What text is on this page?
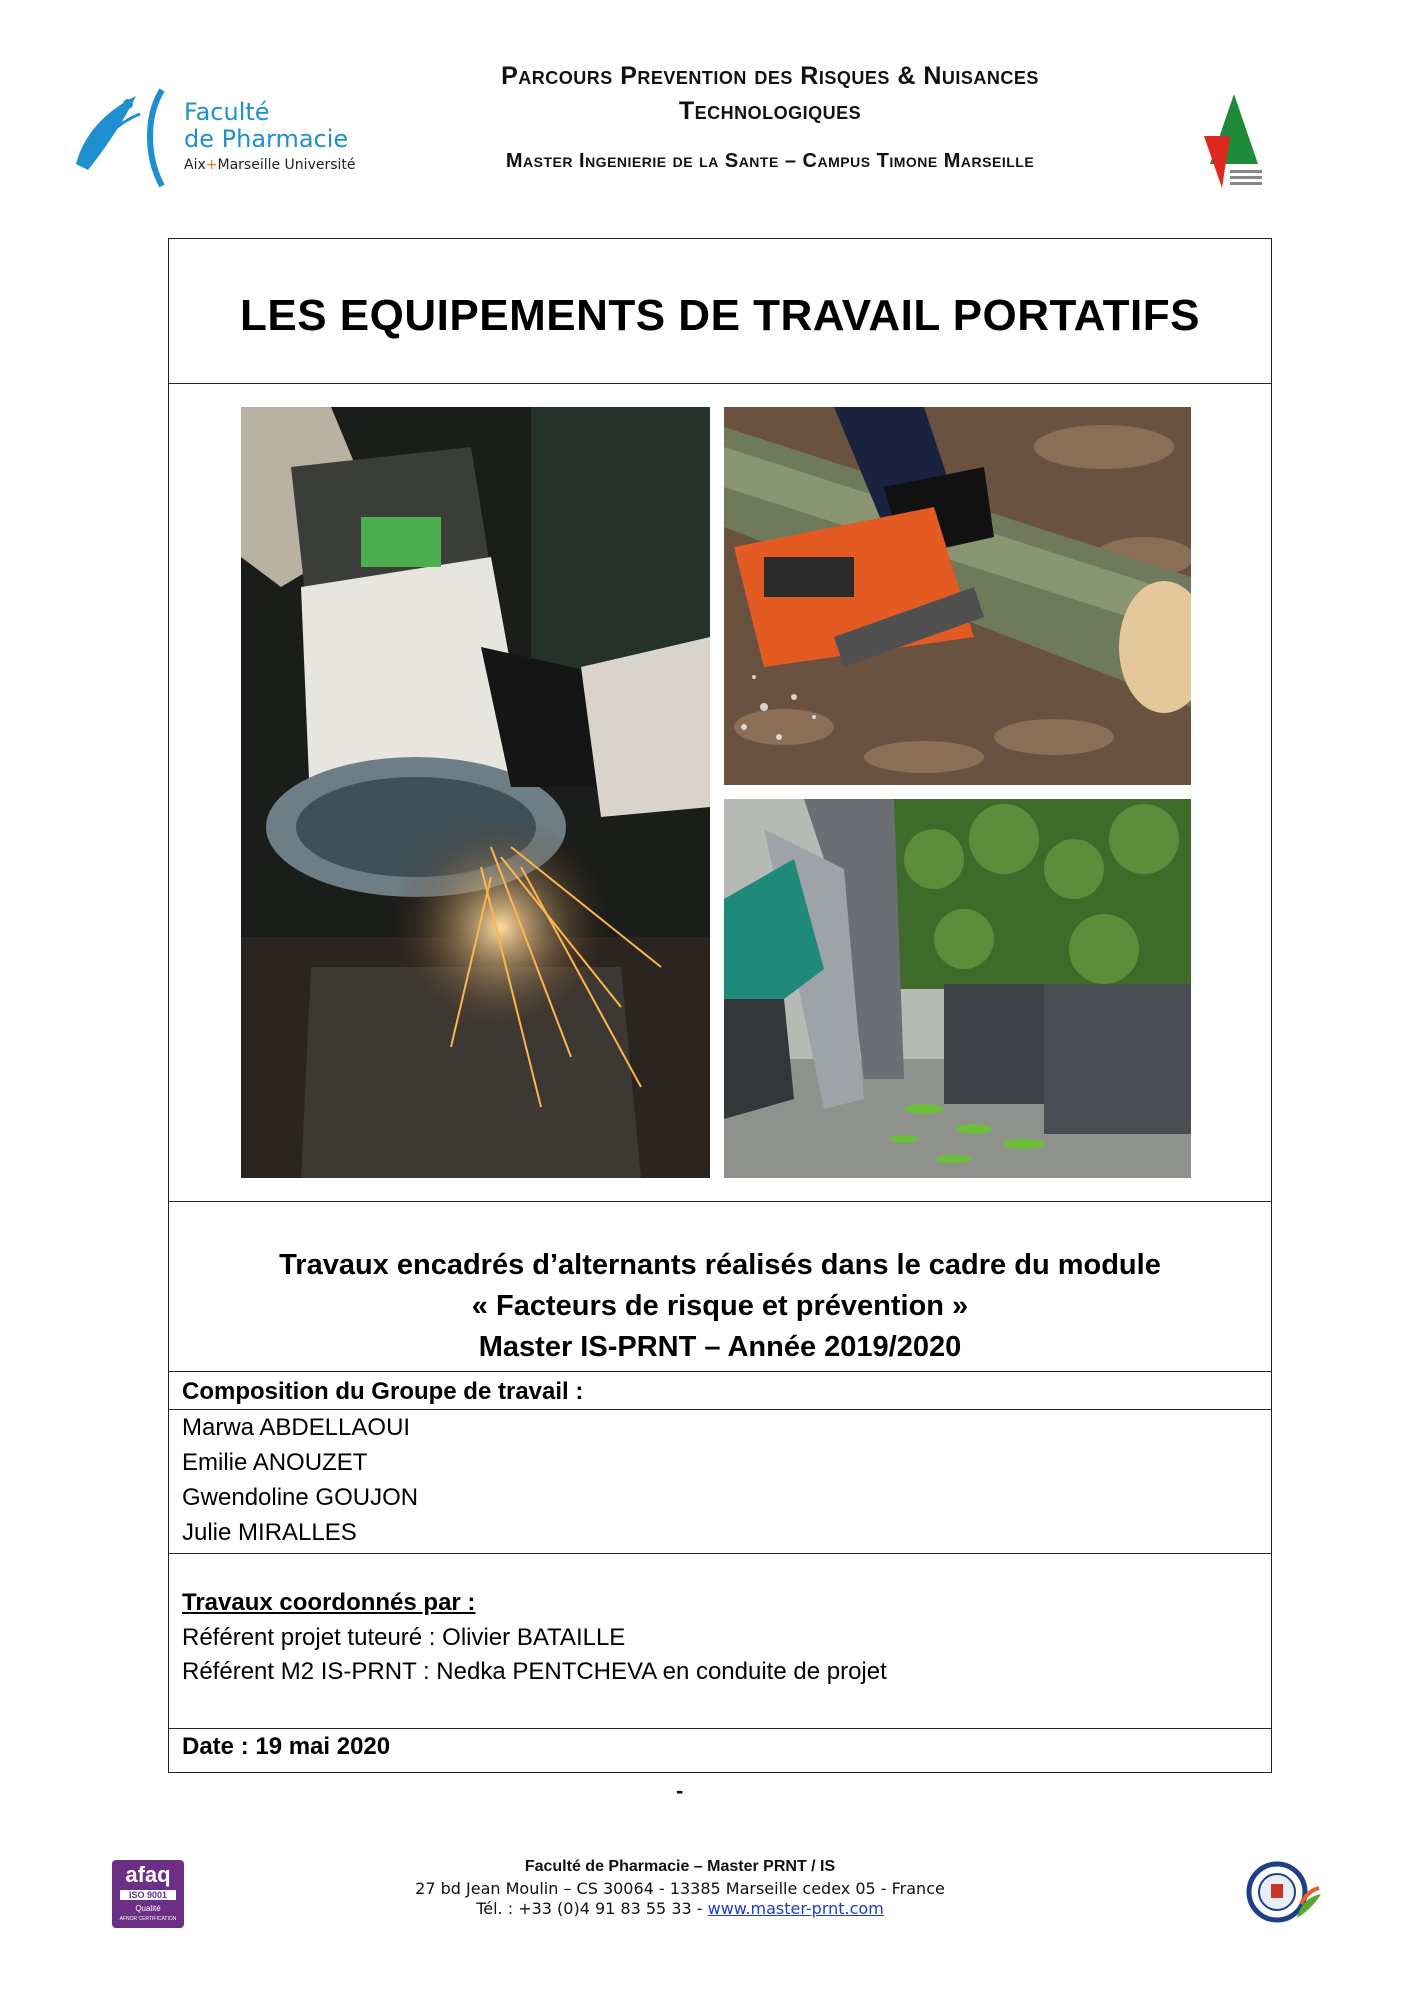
Faculté
de Pharmacie
Aix+Marseille Université
Parcours Prevention des Risques & Nuisances
Technologiques
Master Ingenierie de la Sante – Campus Timone Marseille
LES EQUIPEMENTS DE TRAVAIL PORTATIFS
Travaux encadrés d’alternants réalisés dans le cadre du module
« Facteurs de risque et prévention »
Master IS-PRNT – Année 2019/2020
Composition du Groupe de travail :
Marwa ABDELLAOUI
Emilie ANOUZET
Gwendoline GOUJON
Julie MIRALLES
Travaux coordonnés par :
Référent projet tuteuré : Olivier BATAILLE
Référent M2 IS-PRNT : Nedka PENTCHEVA en conduite de projet
Date : 19 mai 2020
-
afaq
ISO 9001
Qualité
AFNOR CERTIFICATION
Faculté de Pharmacie – Master PRNT / IS
27 bd Jean Moulin – CS 30064 - 13385 Marseille cedex 05 - France
Tél. : +33 (0)4 91 83 55 33 - www.master-prnt.com
